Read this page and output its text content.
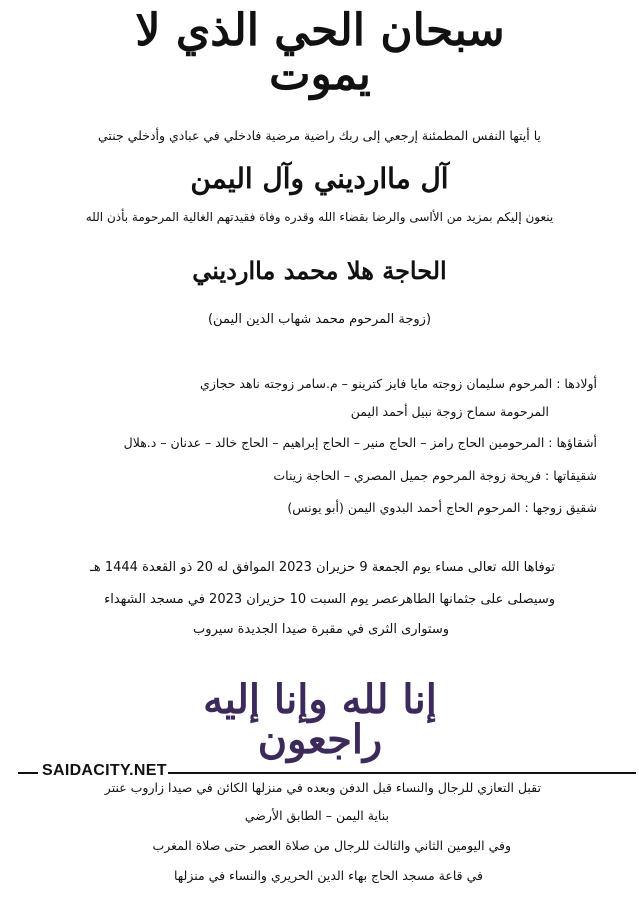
سبحان الحي الذي لا يموت
يا أيتها النفس المطمئنة إرجعي إلى ربك راضية مرضية فادخلي في عبادي وأدخلي جنتي
آل ماارديني وآل اليمن
ينعون إليكم بمزيد من الأاسى والرضا بقضاء الله وقدره وفاة فقيدتهم الغالية المرحومة بأذن الله
الحاجة هلا محمد ماارديني
(زوجة المرحوم محمد شهاب الدين اليمن)
أولادها : المرحوم سليمان زوجته مايا فايز كترينو – م.سامر زوجته ناهد حجازي
المرحومة سماح زوجة نبيل أحمد اليمن
أشقاؤها : المرحومين الحاج رامز – الحاج منير – الحاج إبراهيم – الحاج خالد – عدنان – د.هلال
شقيقاتها : فريحة زوجة المرحوم جميل المصري – الحاجة زينات
شقيق زوجها : المرحوم الحاج أحمد البدوي اليمن (أبو يونس)
توفاها الله تعالى مساء يوم الجمعة 9 حزيران 2023 الموافق له 20 ذو القعدة 1444 هـ
وسيصلى على جثمانها الطاهرعصر يوم السبت 10 حزيران 2023 في مسجد الشهداء
وستوارى الثرى في مقبرة صيدا الجديدة سيروب
إنا لله وإنا إليه راجعون
SAIDACITY.NET
تقبل التعازي للرجال والنساء قبل الدفن وبعده في منزلها الكائن في صيدا زاروب عنتر
بناية اليمن – الطابق الأرضي
وفي اليومين الثاني والثالث للرجال من صلاة العصر حتى صلاة المغرب
في قاعة مسجد الحاج بهاء الدين الحريري والنساء في منزلها
